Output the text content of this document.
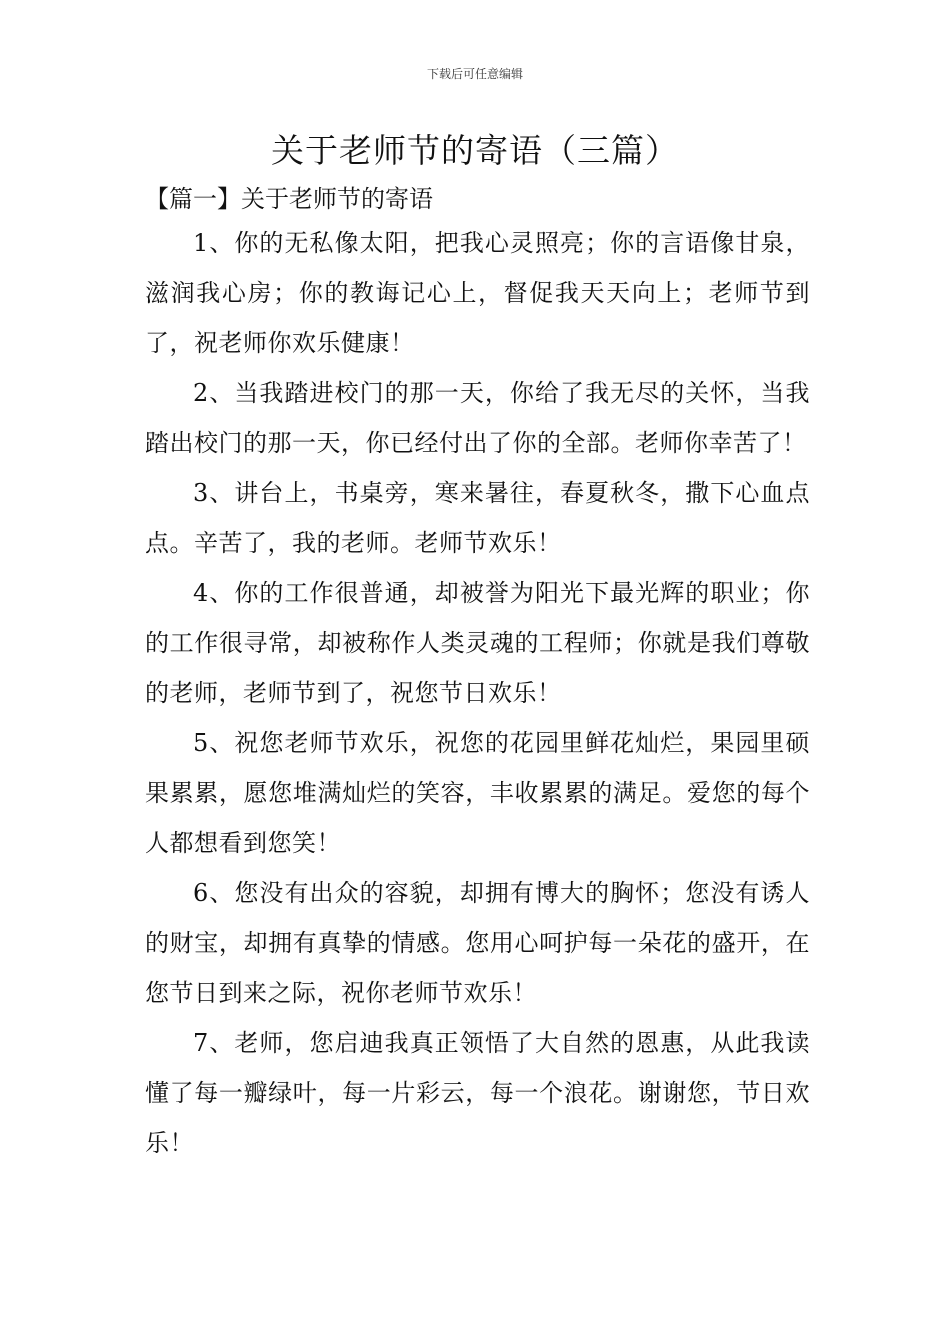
下载后可任意编辑
关于老师节的寄语（三篇）

【篇一】关于老师节的寄语

1、你的无私像太阳，把我心灵照亮；你的言语像甘泉，滋润我心房；你的教诲记心上，督促我天天向上；老师节到了，祝老师你欢乐健康！

2、当我踏进校门的那一天，你给了我无尽的关怀，当我踏出校门的那一天，你已经付出了你的全部。老师你幸苦了！

3、讲台上，书桌旁，寒来暑往，春夏秋冬，撒下心血点点。辛苦了，我的老师。老师节欢乐！

4、你的工作很普通，却被誉为阳光下最光辉的职业；你的工作很寻常，却被称作人类灵魂的工程师；你就是我们尊敬的老师，老师节到了，祝您节日欢乐！

5、祝您老师节欢乐，祝您的花园里鲜花灿烂，果园里硕果累累，愿您堆满灿烂的笑容，丰收累累的满足。爱您的每个人都想看到您笑！

6、您没有出众的容貌，却拥有博大的胸怀；您没有诱人的财宝，却拥有真挚的情感。您用心呵护每一朵花的盛开，在您节日到来之际，祝你老师节欢乐！

7、老师，您启迪我真正领悟了大自然的恩惠，从此我读懂了每一瓣绿叶，每一片彩云，每一个浪花。谢谢您，节日欢乐！
